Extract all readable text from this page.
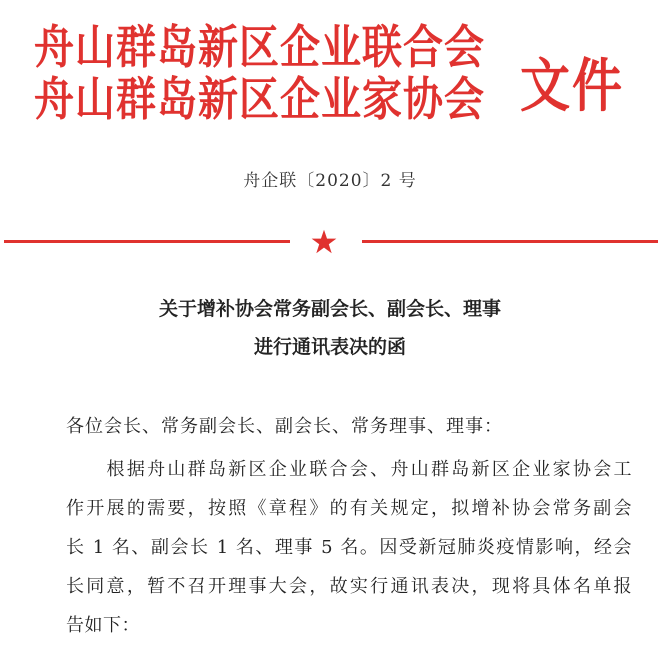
舟山群岛新区企业联合会
舟山群岛新区企业家协会 文件
舟企联〔2020〕2 号
关于增补协会常务副会长、副会长、理事
进行通讯表决的函
各位会长、常务副会长、副会长、常务理事、理事：
　　根据舟山群岛新区企业联合会、舟山群岛新区企业家协会工
作开展的需要，按照《章程》的有关规定，拟增补协会常务副会
长 1 名、副会长 1 名、理事 5 名。因受新冠肺炎疫情影响，经会
长同意，暂不召开理事大会，故实行通讯表决，现将具体名单报
告如下：
